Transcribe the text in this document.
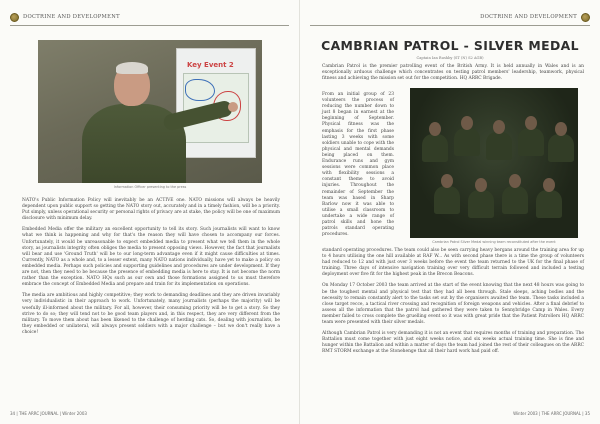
DOCTRINE AND DEVELOPMENT
Key Event 2
Information Officer presenting to the press

NATO's Public Information Policy will inevitably be an ACTIVE one. NATO missions will always be heavily dependent upon public support so getting the NATO story out, accurately and in a timely fashion, will be a priority. Put simply, unless operational security or personal rights of privacy are at stake, the policy will be one of maximum disclosure with minimum delay.

Embedded Media offer the military an excellent opportunity to tell its story. Such journalists will want to know what we think is happening and why for that's the reason they will have chosen to accompany our forces. Unfortunately, it would be unreasonable to expect embedded media to present what we tell them in the whole story, as journalists integrity often obliges the media to present opposing views. However, the fact that journalists will bear and use 'Ground Truth' will be to our long-term advantage even if it might cause difficulties at times. Currently, NATO as a whole and, to a lesser extent, many NATO nations individually, have yet to make a policy on embedded media. Perhaps such policies and supporting guidelines and procedures are under development. If they are not, then they need to be because the presence of embedding media is here to stay. It is not become the norm rather than the exception. NATO HQs such as our own and those formations assigned to us must therefore embrace the concept of Embedded Media and prepare and train for its implementation on operations.

The media are ambitious and highly competitive; they work to demanding deadlines and they are driven invariably very individualistic in their approach to work. Unfortunately, many journalists (perhaps the majority) will be woefully ill-informed about the military. For all, however, their consuming priority will be to get a story. So they strive to do so; they will tend not to be good team players and, in this respect, they are very different from the military. To move them about has been likened to the challenge of herding cats. So, dealing with journalists, be they embedded or unilateral, will always present soldiers with a major challenge – but we don't really have a choice!

34 | THE ARRC JOURNAL | Winter 2003
DOCTRINE AND DEVELOPMENT
CAMBRIAN PATROL - SILVER MEDAL
Captain Ian Rushby (ST (N) S2 AGB)
Cambrian Patrol is the premier patrolling event of the British Army. It is held annually in Wales and is an exceptionally arduous challenge which concentrates on testing patrol members' leadership, teamwork, physical fitness and achieving the mission set out for the competition. HQ ARRC Brigade.
From an initial group of 23 volunteers the process of reducing the number down to just 8 began in earnest at the beginning of September. Physical fitness was the emphasis for the first phase lasting 3 weeks with some soldiers unable to cope with the physical and mental demands being placed on them. Endurance runs and gym sessions were common place with flexibility sessions a constant theme to avoid injuries. Throughout the remainder of September the team was based in Sharp Barlow now it was able to utilise a small classroom to undertake a wide range of patrol skills and hone the patrols standard operating procedures.
Cambrian Patrol Silver Medal winning team reconstituted after the event

standard operating procedures. The team could also be seen carrying heavy bergans around the training area for up to 4 hours utilising the one hill available at RAF W... As with second phase there is a time the group of volunteers had reduced to 12 and with just over 3 weeks before the event the team returned to the UK for the final phase of training. Three days of intensive navigation training over very difficult terrain followed and included a testing deployment over five fit for the highest peak in the Brecon Beacons.

On Monday 17 October 2003 the team arrived at the start of the event knowing that the next 48 hours was going to be the toughest mental and physical test that they had all been through. Stale sleeps, aching bodies and the necessity to remain constantly alert to the tasks set out by the organisers awaited the team. These tasks included a close target recce, a tactical river crossing and recognition of foreign weapons and vehicles. After a final debrief to assess all the information that the patrol had gathered they were taken to Sennybridge Camp in Wales. Every member failed to cross complete the gruelling event so it was with great pride that the Patient Patrollers HQ ARRC team were presented with their silver medals.

Although Cambrian Patrol is very demanding it is not an event that requires months of training and preparation. The Battalion must come together with just eight weeks notice, and six weeks actual training time. She is fine and hunger within the Battalion and within a matter of days the team had joined the rest of their colleagues on the ARRC RMT STORM exchange at the Stonehenge that all their hard work had paid off.

Winter 2003 | THE ARRC JOURNAL | 35
